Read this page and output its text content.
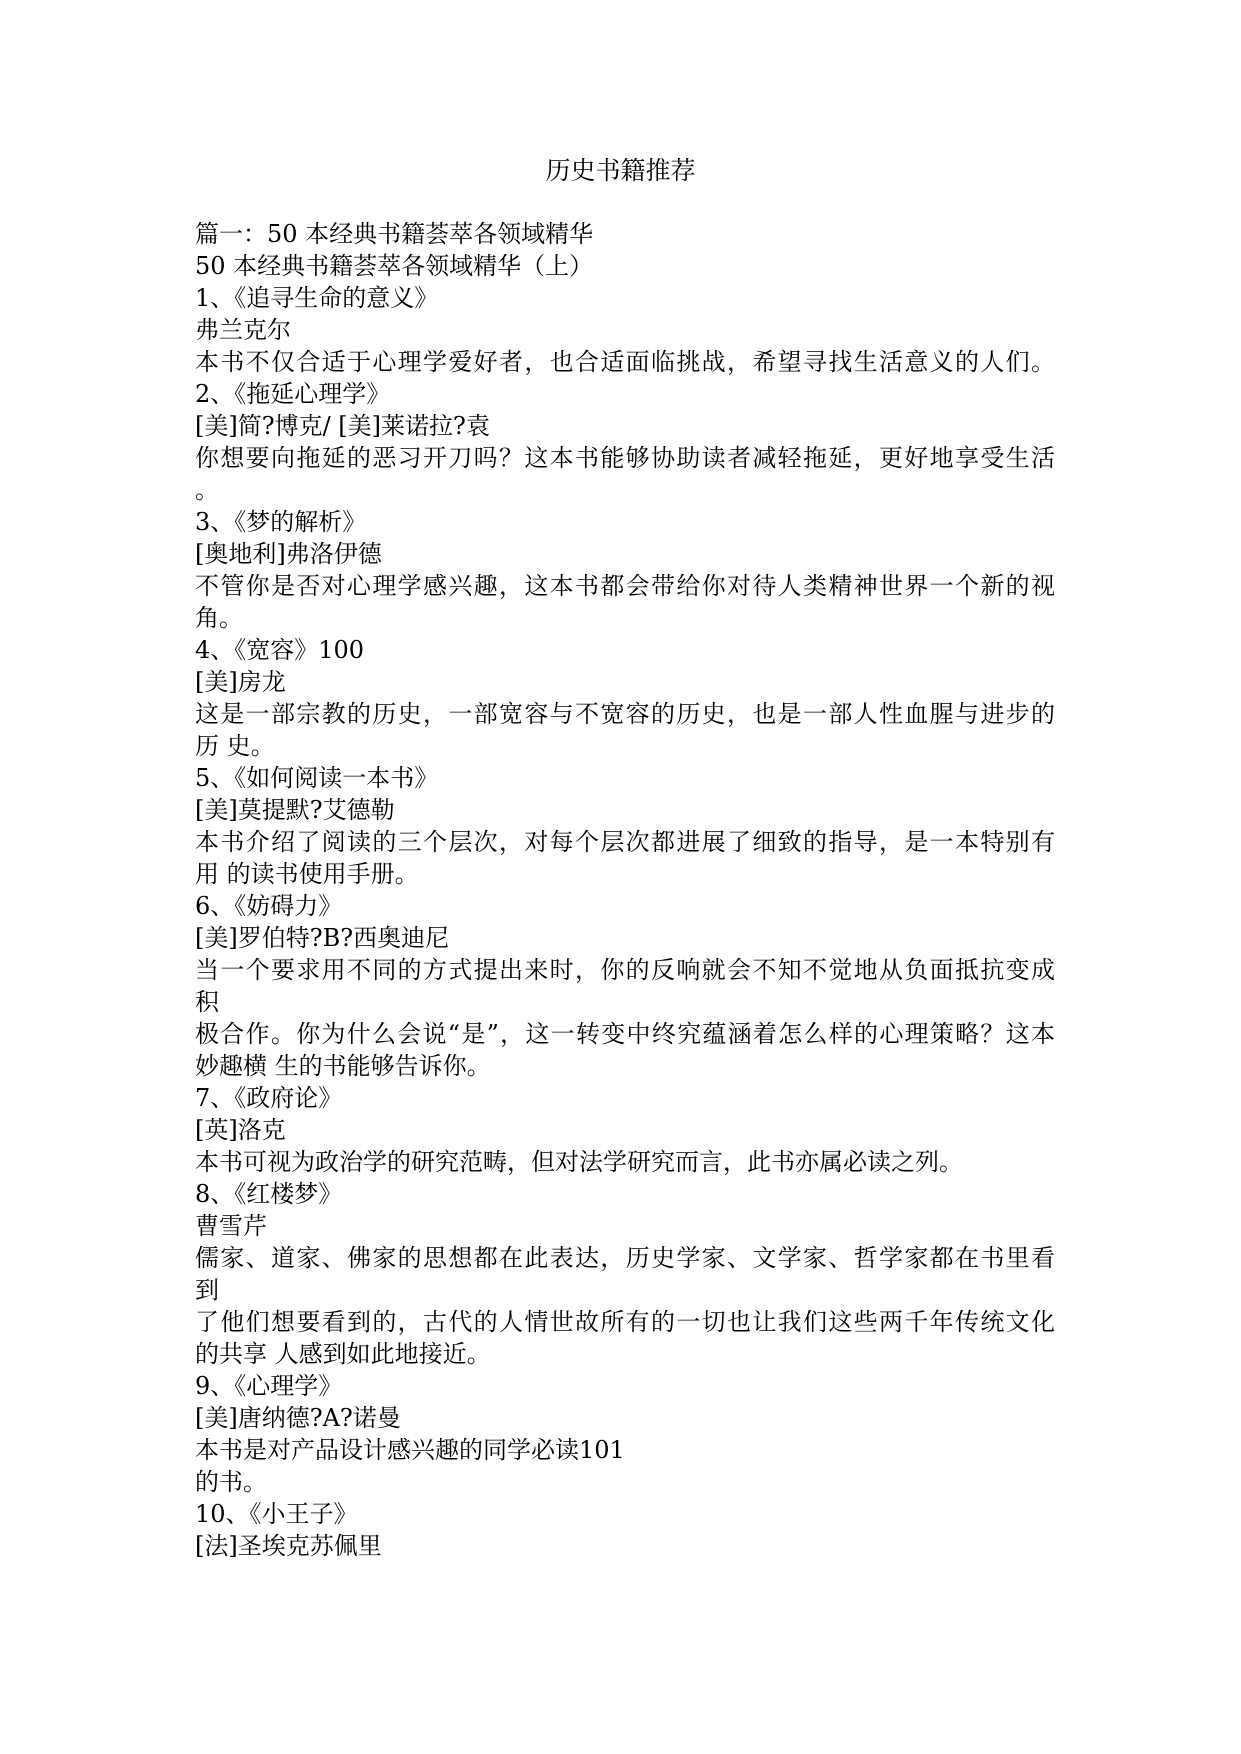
历史书籍推荐
篇一：50 本经典书籍荟萃各领域精华
50 本经典书籍荟萃各领域精华（上）
1、《追寻生命的意义》
弗兰克尔
本书不仅合适于心理学爱好者，也合适面临挑战，希望寻找生活意义的人们。
2、《拖延心理学》
[美]简?博克/ [美]莱诺拉?袁
你想要向拖延的恶习开刀吗？这本书能够协助读者减轻拖延，更好地享受生活
。
3、《梦的解析》
[奥地利]弗洛伊德
不管你是否对心理学感兴趣，这本书都会带给你对待人类精神世界一个新的视
角。
4、《宽容》100
[美]房龙
这是一部宗教的历史，一部宽容与不宽容的历史，也是一部人性血腥与进步的
历 史。
5、《如何阅读一本书》
[美]莫提默?艾德勒
本书介绍了阅读的三个层次，对每个层次都进展了细致的指导，是一本特别有
用 的读书使用手册。
6、《妨碍力》
[美]罗伯特?B?西奥迪尼
当一个要求用不同的方式提出来时，你的反响就会不知不觉地从负面抵抗变成
积
极合作。你为什么会说“是”，这一转变中终究蕴涵着怎么样的心理策略？这本
妙趣横 生的书能够告诉你。
7、《政府论》
[英]洛克
本书可视为政治学的研究范畴，但对法学研究而言，此书亦属必读之列。
8、《红楼梦》
曹雪芹
儒家、道家、佛家的思想都在此表达，历史学家、文学家、哲学家都在书里看
到
了他们想要看到的，古代的人情世故所有的一切也让我们这些两千年传统文化
的共享 人感到如此地接近。
9、《心理学》
[美]唐纳德?A?诺曼
本书是对产品设计感兴趣的同学必读101
的书。
10、《小王子》
[法]圣埃克苏佩里
